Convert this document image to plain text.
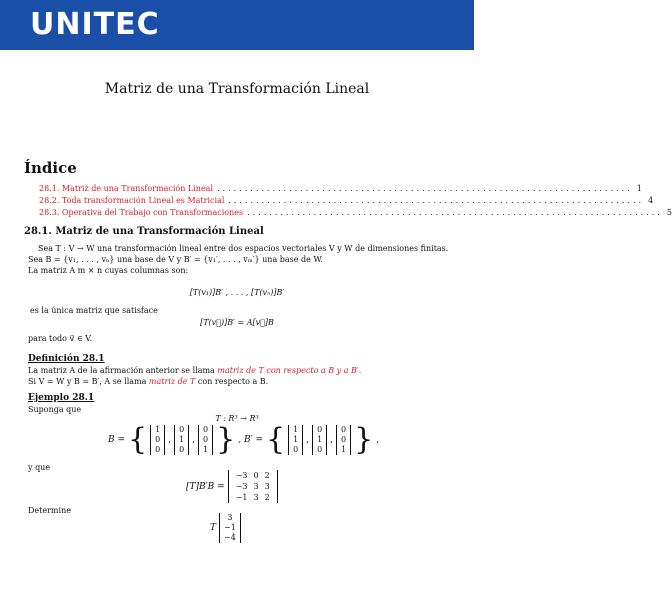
UNITEC
Matriz de una Transformación Lineal
Índice
28.1. Matriz de una Transformación Lineal ........................................................................... 1
28.2. Toda transformación Lineal es Matricial ........................................................................... 4
28.3. Operativa del Trabajo con Transformaciones ........................................................................... 5
28.1. Matriz de una Transformación Lineal
Sea T : V → W una transformación lineal entre dos espacios vectoriales V y W de dimensiones finitas.
Sea B = {v₁, . . . , vₙ} una base de V y B′ = {v₁′, . . . , vₘ′} una base de W.
La matriz A m × n cuyas columnas son:
[T(v₁)]B′ , . . . , [T(vₙ)]B′
es la única matriz que satisface
[T(v⃗)]B′ = A[v⃗]B
para todo v⃗ ∈ V.
Definición 28.1
La matriz A de la afirmación anterior se llama matriz de T con respecto a B y a B′.
Si V = W y B = B′, A se llama matriz de T con respecto a B.
Ejemplo 28.1
Suponga que
T : R³ → R³
B = {	1
0
0
,
0
1
0
,
0
0
1 } , B′ = {	1
1
0
,
0
1
0
,
0
0
1 } ,
y que
[T]B′B =
−3	0	2
−3	3	3
−1	3	2
Determine
T
3
−1
−4
